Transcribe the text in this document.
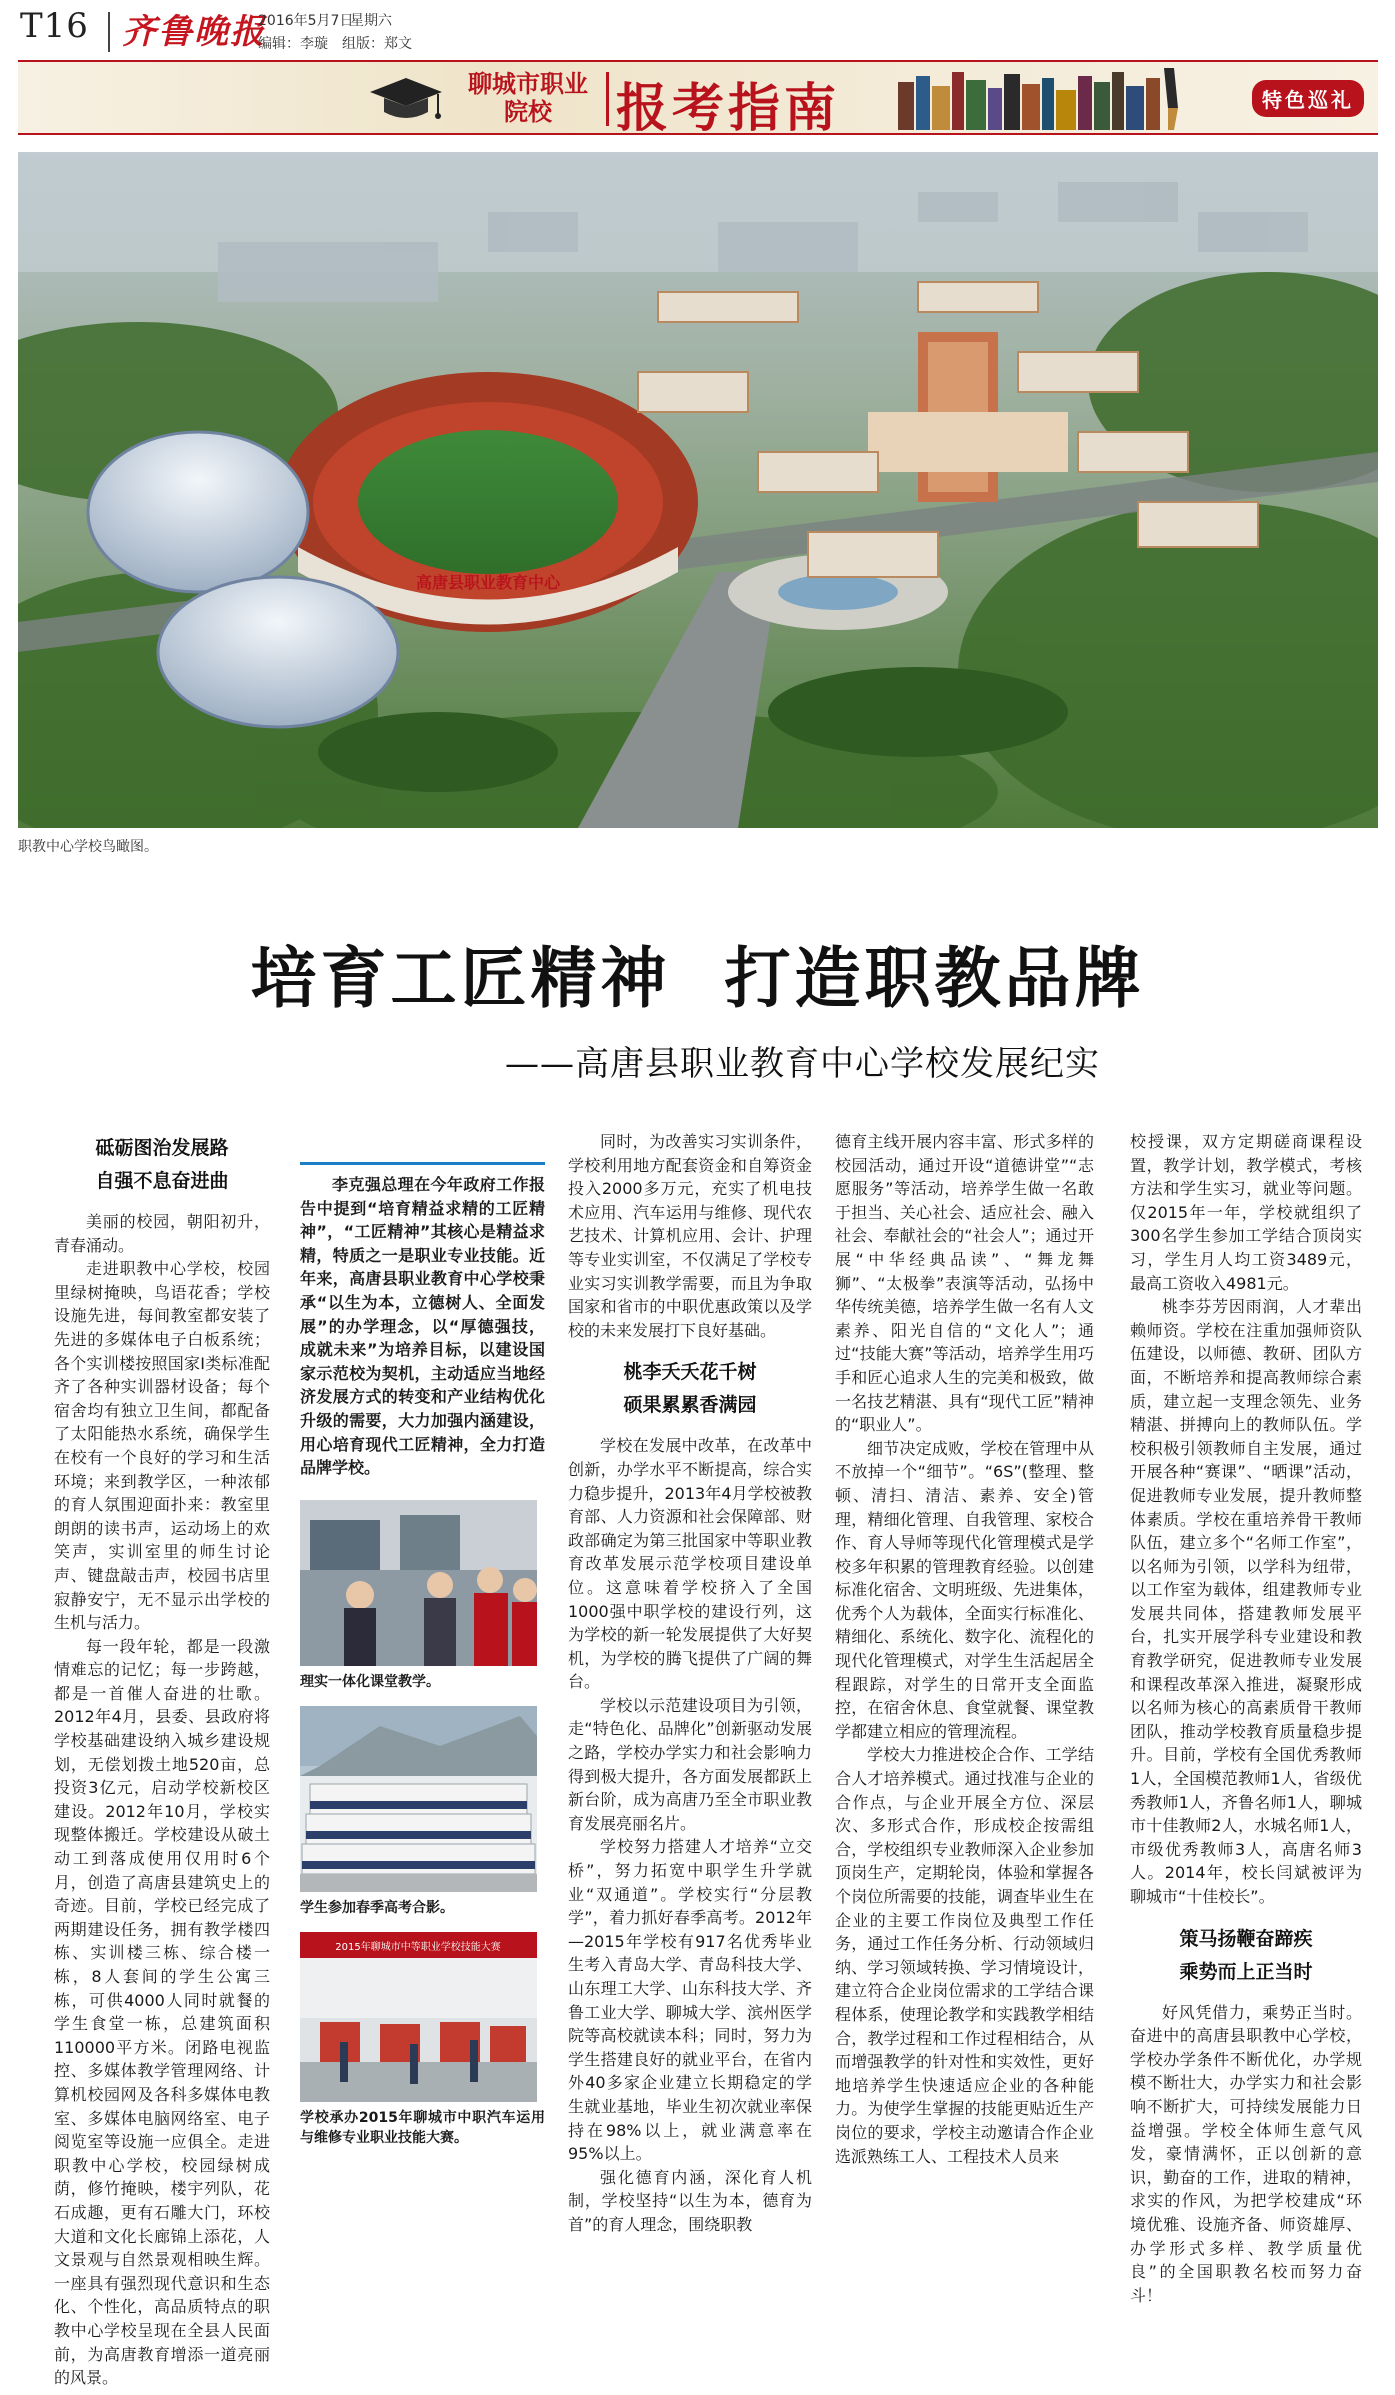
T16 齐鲁晚报
2016年5月7日
星期六
编辑：李璇　组版：郑文
聊城市职业院校	报考指南	特色巡礼
高唐县职业教育中心
职教中心学校鸟瞰图。
培育工匠精神  打造职教品牌
——高唐县职业教育中心学校发展纪实
砥砺图治发展路
自强不息奋进曲

美丽的校园，朝阳初升，青春涌动。

走进职教中心学校，校园里绿树掩映，鸟语花香；学校设施先进，每间教室都安装了先进的多媒体电子白板系统；各个实训楼按照国家I类标准配齐了各种实训器材设备；每个宿舍均有独立卫生间，都配备了太阳能热水系统，确保学生在校有一个良好的学习和生活环境；来到教学区，一种浓郁的育人氛围迎面扑来：教室里朗朗的读书声，运动场上的欢笑声，实训室里的师生讨论声、键盘敲击声，校园书店里寂静安宁，无不显示出学校的生机与活力。

每一段年轮，都是一段激情难忘的记忆；每一步跨越，都是一首催人奋进的壮歌。2012年4月，县委、县政府将学校基础建设纳入城乡建设规划，无偿划拨土地520亩，总投资3亿元，启动学校新校区建设。2012年10月，学校实现整体搬迁。学校建设从破土动工到落成使用仅用时6个月，创造了高唐县建筑史上的奇迹。目前，学校已经完成了两期建设任务，拥有教学楼四栋、实训楼三栋、综合楼一栋，8人套间的学生公寓三栋，可供4000人同时就餐的学生食堂一栋，总建筑面积110000平方米。闭路电视监控、多媒体教学管理网络、计算机校园网及各科多媒体电教室、多媒体电脑网络室、电子阅览室等设施一应俱全。走进职教中心学校，校园绿树成荫，修竹掩映，楼宇列队，花石成趣，更有石雕大门，环校大道和文化长廊锦上添花，人文景观与自然景观相映生辉。一座具有强烈现代意识和生态化、个性化，高品质特点的职教中心学校呈现在全县人民面前，为高唐教育增添一道亮丽的风景。

李克强总理在今年政府工作报告中提到“培育精益求精的工匠精神”，“工匠精神”其核心是精益求精，特质之一是职业专业技能。近年来，高唐县职业教育中心学校秉承“以生为本，立德树人、全面发展”的办学理念，以“厚德强技，成就未来”为培养目标，以建设国家示范校为契机，主动适应当地经济发展方式的转变和产业结构优化升级的需要，大力加强内涵建设，用心培育现代工匠精神，全力打造品牌学校。

理实一体化课堂教学。
学生参加春季高考合影。
2015年聊城市中等职业学校技能大赛
学校承办2015年聊城市中职汽车运用与维修专业职业技能大赛。

同时，为改善实习实训条件，学校利用地方配套资金和自筹资金投入2000多万元，充实了机电技术应用、汽车运用与维修、现代农艺技术、计算机应用、会计、护理等专业实训室，不仅满足了学校专业实习实训教学需要，而且为争取国家和省市的中职优惠政策以及学校的未来发展打下良好基础。

桃李夭夭花千树
硕果累累香满园

学校在发展中改革，在改革中创新，办学水平不断提高，综合实力稳步提升，2013年4月学校被教育部、人力资源和社会保障部、财政部确定为第三批国家中等职业教育改革发展示范学校项目建设单位。这意味着学校挤入了全国1000强中职学校的建设行列，这为学校的新一轮发展提供了大好契机，为学校的腾飞提供了广阔的舞台。

学校以示范建设项目为引领，走“特色化、品牌化”创新驱动发展之路，学校办学实力和社会影响力得到极大提升，各方面发展都跃上新台阶，成为高唐乃至全市职业教育发展亮丽名片。

学校努力搭建人才培养“立交桥”，努力拓宽中职学生升学就业“双通道”。学校实行“分层教学”，着力抓好春季高考。2012年—2015年学校有917名优秀毕业生考入青岛大学、青岛科技大学、山东理工大学、山东科技大学、齐鲁工业大学、聊城大学、滨州医学院等高校就读本科；同时，努力为学生搭建良好的就业平台，在省内外40多家企业建立长期稳定的学生就业基地，毕业生初次就业率保持在98%以上，就业满意率在95%以上。

强化德育内涵，深化育人机制，学校坚持“以生为本，德育为首”的育人理念，围绕职教

德育主线开展内容丰富、形式多样的校园活动，通过开设“道德讲堂”“志愿服务”等活动，培养学生做一名敢于担当、关心社会、适应社会、融入社会、奉献社会的“社会人”；通过开展“中华经典品读”、“舞龙舞狮”、“太极拳”表演等活动，弘扬中华传统美德，培养学生做一名有人文素养、阳光自信的“文化人”；通过“技能大赛”等活动，培养学生用巧手和匠心追求人生的完美和极致，做一名技艺精湛、具有“现代工匠”精神的“职业人”。

细节决定成败，学校在管理中从不放掉一个“细节”。“6S”(整理、整顿、清扫、清洁、素养、安全)管理，精细化管理、自我管理、家校合作、育人导师等现代化管理模式是学校多年积累的管理教育经验。以创建标准化宿舍、文明班级、先进集体，优秀个人为载体，全面实行标准化、精细化、系统化、数字化、流程化的现代化管理模式，对学生生活起居全程跟踪，对学生的日常开支全面监控，在宿舍休息、食堂就餐、课堂教学都建立相应的管理流程。

学校大力推进校企合作、工学结合人才培养模式。通过找准与企业的合作点，与企业开展全方位、深层次、多形式合作，形成校企按需组合，学校组织专业教师深入企业参加顶岗生产，定期轮岗，体验和掌握各个岗位所需要的技能，调查毕业生在企业的主要工作岗位及典型工作任务，通过工作任务分析、行动领域归纳、学习领域转换、学习情境设计，建立符合企业岗位需求的工学结合课程体系，使理论教学和实践教学相结合，教学过程和工作过程相结合，从而增强教学的针对性和实效性，更好地培养学生快速适应企业的各种能力。为使学生掌握的技能更贴近生产岗位的要求，学校主动邀请合作企业选派熟练工人、工程技术人员来

校授课，双方定期磋商课程设置，教学计划，教学模式，考核方法和学生实习，就业等问题。仅2015年一年，学校就组织了300名学生参加工学结合顶岗实习，学生月人均工资3489元，最高工资收入4981元。

桃李芬芳因雨润，人才辈出赖师资。学校在注重加强师资队伍建设，以师德、教研、团队方面，不断培养和提高教师综合素质，建立起一支理念领先、业务精湛、拼搏向上的教师队伍。学校积极引领教师自主发展，通过开展各种“赛课”、“晒课”活动，促进教师专业发展，提升教师整体素质。学校在重培养骨干教师队伍，建立多个“名师工作室”，以名师为引领，以学科为纽带，以工作室为载体，组建教师专业发展共同体，搭建教师发展平台，扎实开展学科专业建设和教育教学研究，促进教师专业发展和课程改革深入推进，凝聚形成以名师为核心的高素质骨干教师团队，推动学校教育质量稳步提升。目前，学校有全国优秀教师1人，全国模范教师1人，省级优秀教师1人，齐鲁名师1人，聊城市十佳教师2人，水城名师1人，市级优秀教师3人，高唐名师3人。2014年，校长闫斌被评为聊城市“十佳校长”。

策马扬鞭奋蹄疾
乘势而上正当时

好风凭借力，乘势正当时。奋进中的高唐县职教中心学校，学校办学条件不断优化，办学规模不断壮大，办学实力和社会影响不断扩大，可持续发展能力日益增强。学校全体师生意气风发，豪情满怀，正以创新的意识，勤奋的工作，进取的精神，求实的作风，为把学校建成“环境优雅、设施齐备、师资雄厚、办学形式多样、教学质量优良”的全国职教名校而努力奋斗！
